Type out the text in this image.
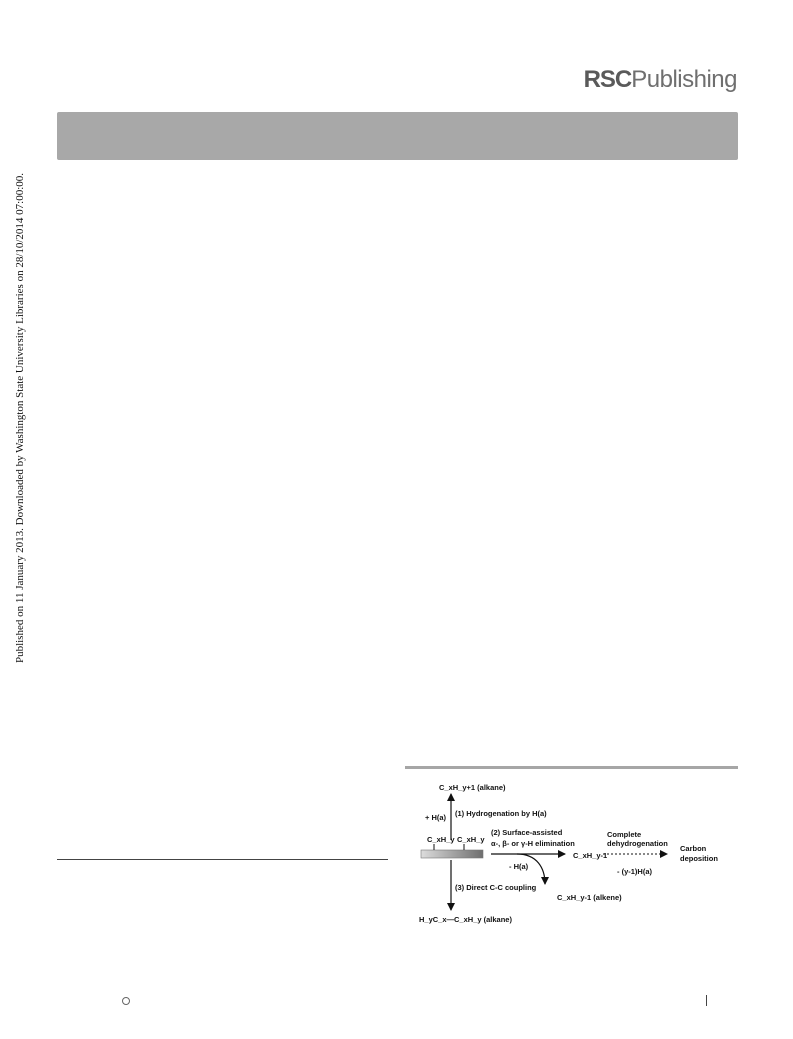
RSCPublishing
Published on 11 January 2013. Downloaded by Washington State University Libraries on 28/10/2014 07:00:00.
C_xH_y C_xH_y
C_xH_y+1 (alkane)
+ H(a) (1) Hydrogenation by H(a)
(2) Surface-assisted
α-, β- or γ-H elimination
- H(a)
C_xH_y-1 (alkene)
C_xH_y-1
Complete
dehydrogenation
- (y-1)H(a)
Carbon
deposition
(3) Direct C-C coupling
H_yC_x—C_xH_y (alkane)
